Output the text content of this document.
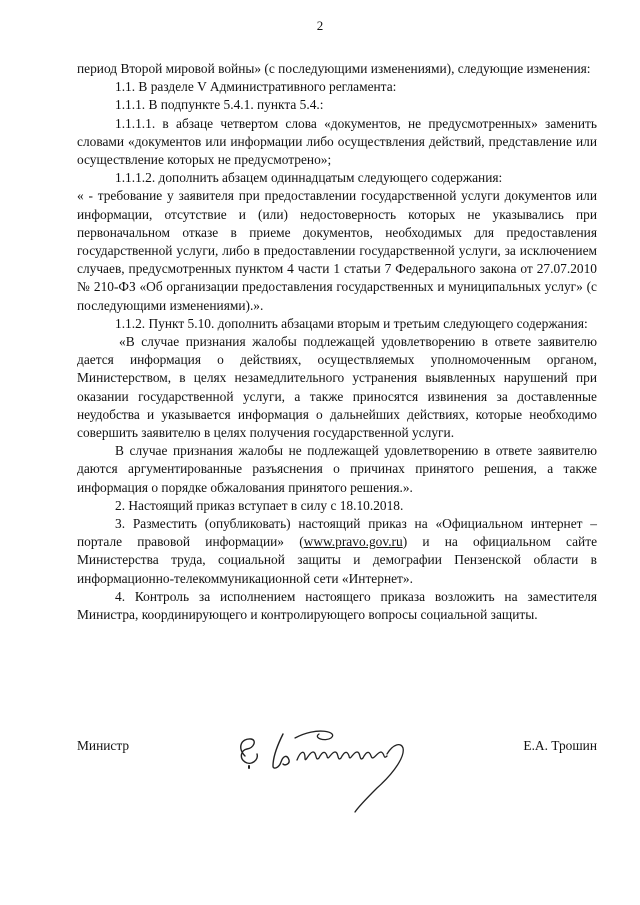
2

период Второй мировой войны» (с последующими изменениями), следующие изменения:

1.1. В разделе V Административного регламента:

1.1.1. В подпункте 5.4.1. пункта 5.4.:

1.1.1.1. в абзаце четвертом слова «документов, не предусмотренных» заменить словами «документов или информации либо осуществления действий, представление или осуществление которых не предусмотрено»;

1.1.1.2. дополнить абзацем одиннадцатым следующего содержания:

« - требование у заявителя при предоставлении государственной услуги документов или информации, отсутствие и (или) недостоверность которых не указывались при первоначальном отказе в приеме документов, необходимых для предоставления государственной услуги, либо в предоставлении государственной услуги, за исключением случаев, предусмотренных пунктом 4 части 1 статьи 7 Федерального закона от 27.07.2010 № 210-ФЗ «Об организации предоставления государственных и муниципальных услуг» (с последующими изменениями).».

1.1.2. Пункт 5.10. дополнить абзацами вторым и третьим следующего содержания:

«В случае признания жалобы подлежащей удовлетворению в ответе заявителю дается информация о действиях, осуществляемых уполномоченным органом, Министерством, в целях незамедлительного устранения выявленных нарушений при оказании государственной услуги, а также приносятся извинения за доставленные неудобства и указывается информация о дальнейших действиях, которые необходимо совершить заявителю в целях получения государственной услуги.

В случае признания жалобы не подлежащей удовлетворению в ответе заявителю даются аргументированные разъяснения о причинах принятого решения, а также информация о порядке обжалования принятого решения.».

2. Настоящий приказ вступает в силу с 18.10.2018.

3. Разместить (опубликовать) настоящий приказ на «Официальном интернет – портале правовой информации» (www.pravo.gov.ru) и на официальном сайте Министерства труда, социальной защиты и демографии Пензенской области в информационно-телекоммуникационной сети «Интернет».

4. Контроль за исполнением настоящего приказа возложить на заместителя Министра, координирующего и контролирующего вопросы социальной защиты.

Министр	Е.А. Трошин
